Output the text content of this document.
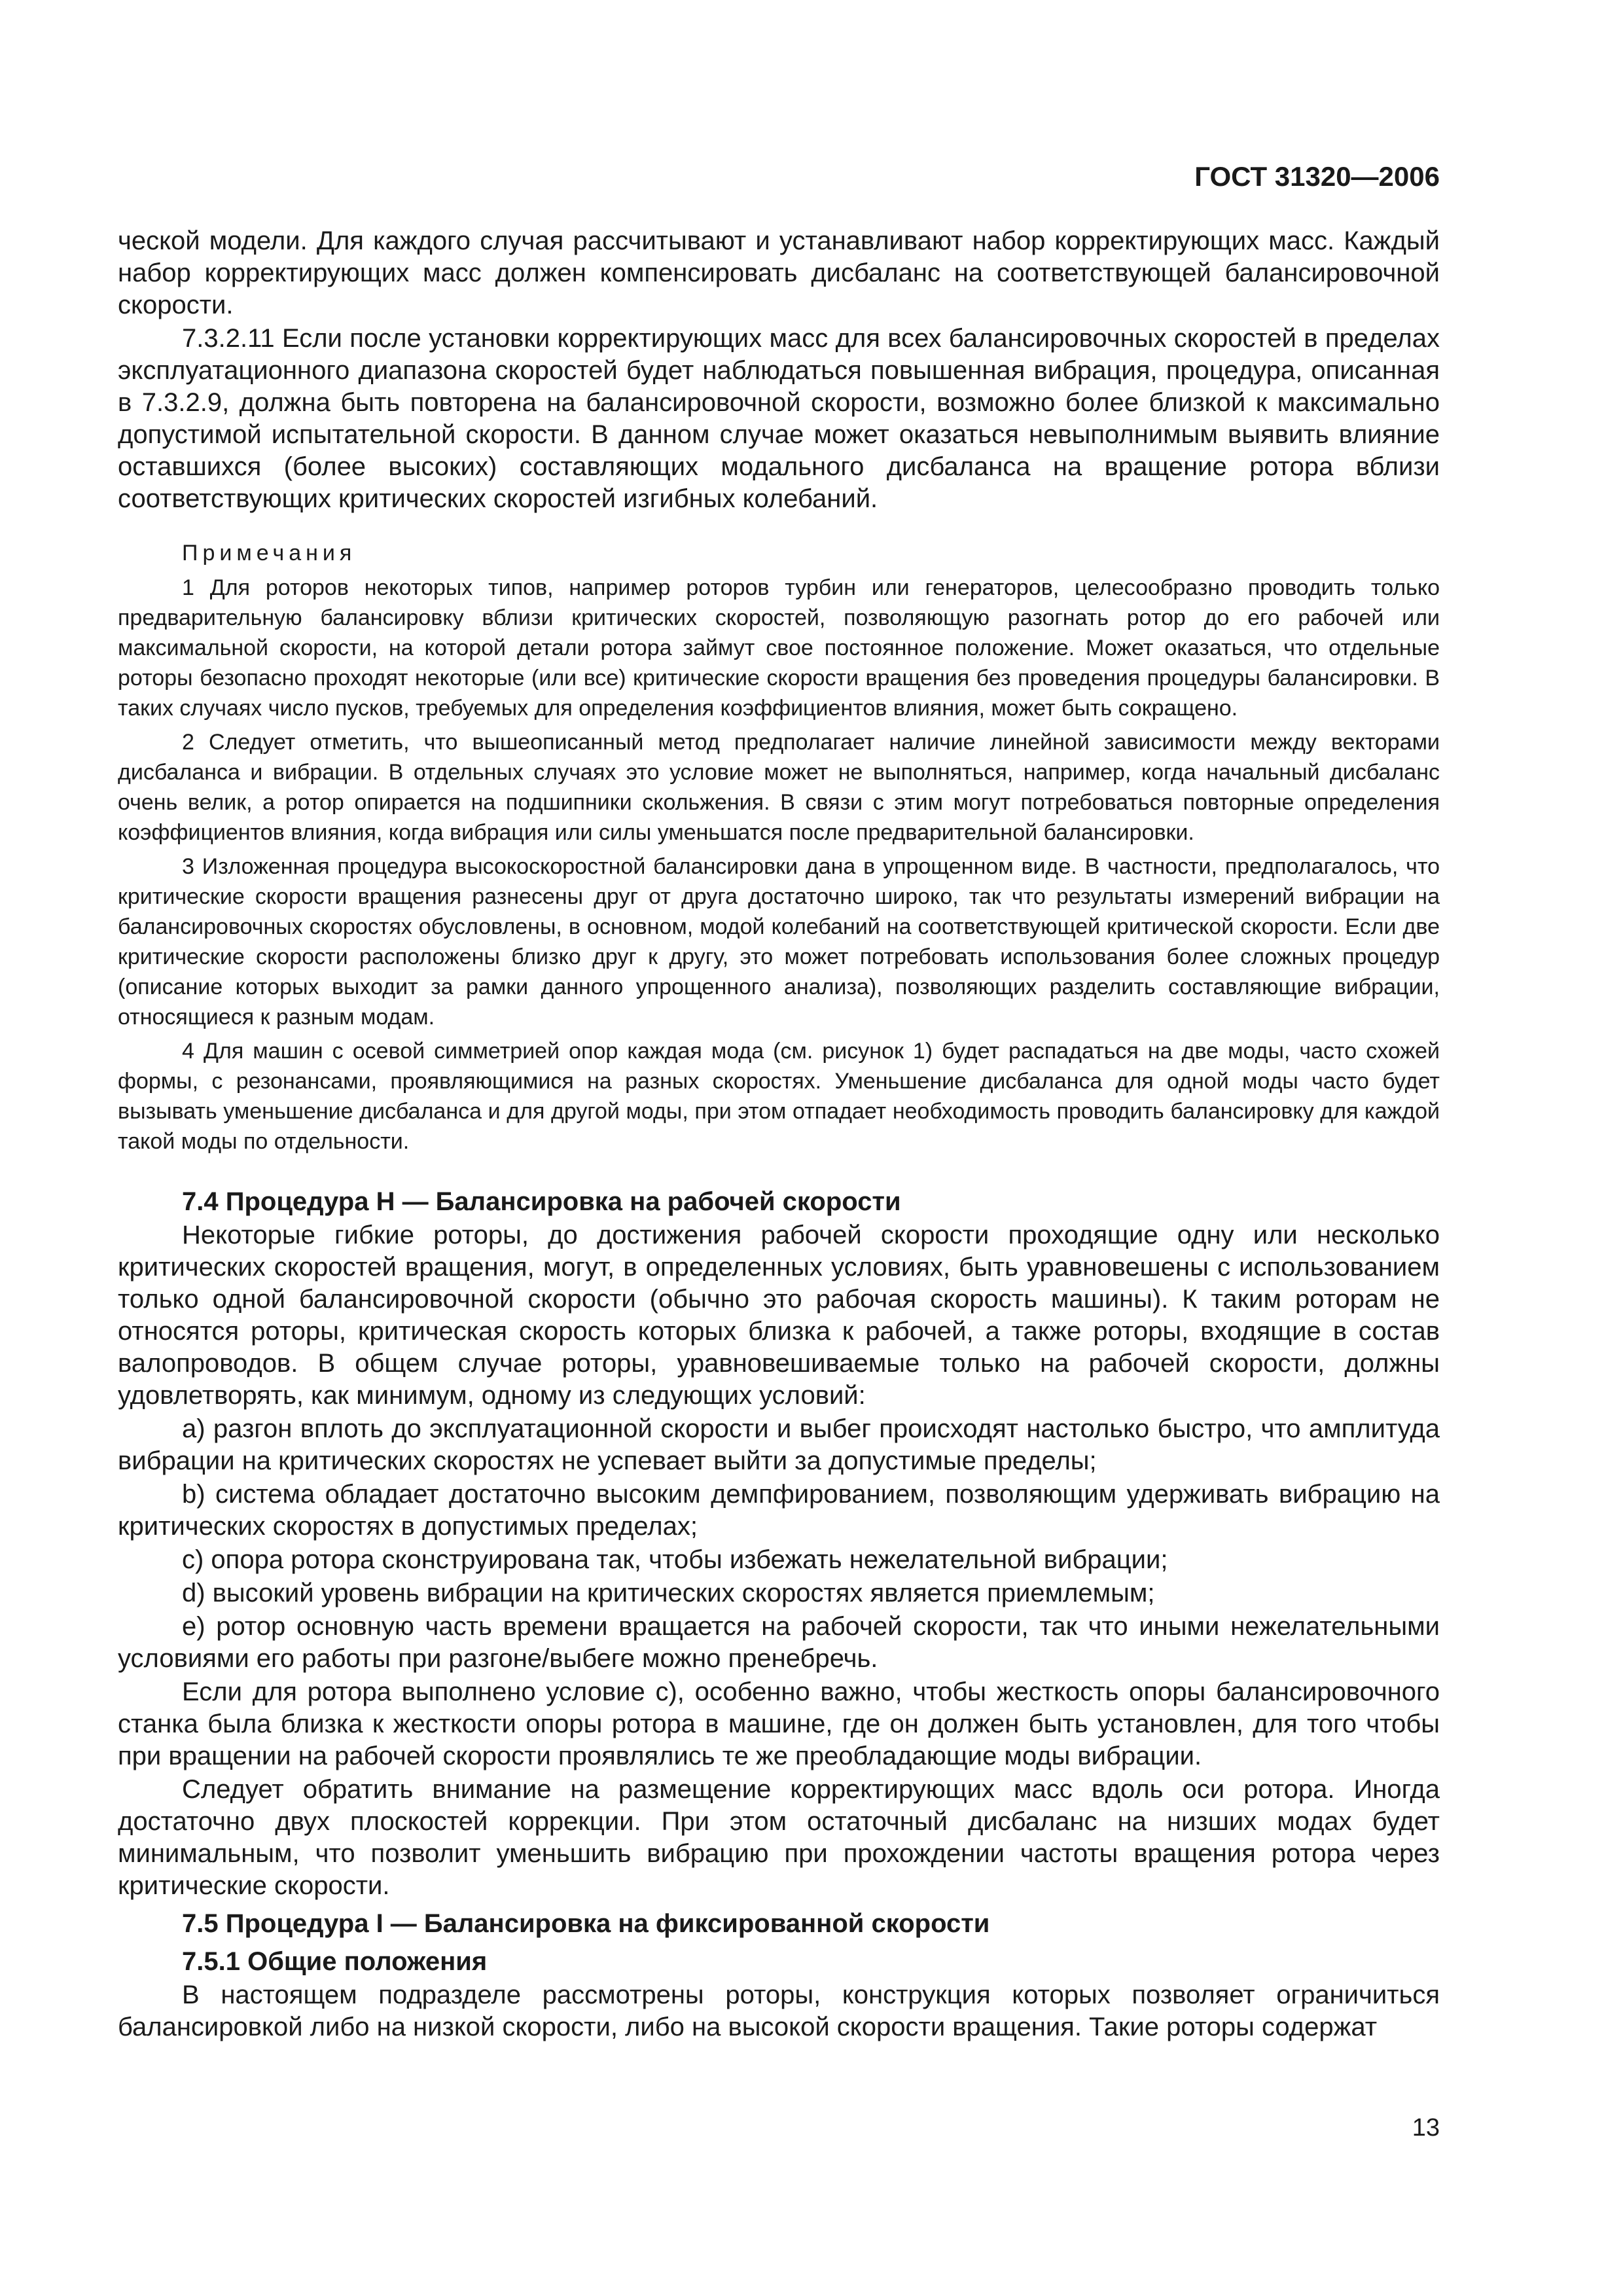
ГОСТ 31320—2006

ческой модели. Для каждого случая рассчитывают и устанавливают набор корректирующих масс. Каждый набор корректирующих масс должен компенсировать дисбаланс на соответствующей балансировочной скорости.

7.3.2.11 Если после установки корректирующих масс для всех балансировочных скоростей в пределах эксплуатационного диапазона скоростей будет наблюдаться повышенная вибрация, процедура, описанная в 7.3.2.9, должна быть повторена на балансировочной скорости, возможно более близкой к максимально допустимой испытательной скорости. В данном случае может оказаться невыполнимым выявить влияние оставшихся (более высоких) составляющих модального дисбаланса на вращение ротора вблизи соответствующих критических скоростей изгибных колебаний.

Примечания

1 Для роторов некоторых типов, например роторов турбин или генераторов, целесообразно проводить только предварительную балансировку вблизи критических скоростей, позволяющую разогнать ротор до его рабочей или максимальной скорости, на которой детали ротора займут свое постоянное положение. Может оказаться, что отдельные роторы безопасно проходят некоторые (или все) критические скорости вращения без проведения процедуры балансировки. В таких случаях число пусков, требуемых для определения коэффициентов влияния, может быть сокращено.

2 Следует отметить, что вышеописанный метод предполагает наличие линейной зависимости между векторами дисбаланса и вибрации. В отдельных случаях это условие может не выполняться, например, когда начальный дисбаланс очень велик, а ротор опирается на подшипники скольжения. В связи с этим могут потребоваться повторные определения коэффициентов влияния, когда вибрация или силы уменьшатся после предварительной балансировки.

3 Изложенная процедура высокоскоростной балансировки дана в упрощенном виде. В частности, предполагалось, что критические скорости вращения разнесены друг от друга достаточно широко, так что результаты измерений вибрации на балансировочных скоростях обусловлены, в основном, модой колебаний на соответствующей критической скорости. Если две критические скорости расположены близко друг к другу, это может потребовать использования более сложных процедур (описание которых выходит за рамки данного упрощенного анализа), позволяющих разделить составляющие вибрации, относящиеся к разным модам.

4 Для машин с осевой симметрией опор каждая мода (см. рисунок 1) будет распадаться на две моды, часто схожей формы, с резонансами, проявляющимися на разных скоростях. Уменьшение дисбаланса для одной моды часто будет вызывать уменьшение дисбаланса и для другой моды, при этом отпадает необходимость проводить балансировку для каждой такой моды по отдельности.

7.4 Процедура H — Балансировка на рабочей скорости

Некоторые гибкие роторы, до достижения рабочей скорости проходящие одну или несколько критических скоростей вращения, могут, в определенных условиях, быть уравновешены с использованием только одной балансировочной скорости (обычно это рабочая скорость машины). К таким роторам не относятся роторы, критическая скорость которых близка к рабочей, а также роторы, входящие в состав валопроводов. В общем случае роторы, уравновешиваемые только на рабочей скорости, должны удовлетворять, как минимум, одному из следующих условий:

a) разгон вплоть до эксплуатационной скорости и выбег происходят настолько быстро, что амплитуда вибрации на критических скоростях не успевает выйти за допустимые пределы;

b) система обладает достаточно высоким демпфированием, позволяющим удерживать вибрацию на критических скоростях в допустимых пределах;

c) опора ротора сконструирована так, чтобы избежать нежелательной вибрации;

d) высокий уровень вибрации на критических скоростях является приемлемым;

e) ротор основную часть времени вращается на рабочей скорости, так что иными нежелательными условиями его работы при разгоне/выбеге можно пренебречь.

Если для ротора выполнено условие c), особенно важно, чтобы жесткость опоры балансировочного станка была близка к жесткости опоры ротора в машине, где он должен быть установлен, для того чтобы при вращении на рабочей скорости проявлялись те же преобладающие моды вибрации.

Следует обратить внимание на размещение корректирующих масс вдоль оси ротора. Иногда достаточно двух плоскостей коррекции. При этом остаточный дисбаланс на низших модах будет минимальным, что позволит уменьшить вибрацию при прохождении частоты вращения ротора через критические скорости.

7.5 Процедура I — Балансировка на фиксированной скорости
7.5.1 Общие положения

В настоящем подразделе рассмотрены роторы, конструкция которых позволяет ограничиться балансировкой либо на низкой скорости, либо на высокой скорости вращения. Такие роторы содержат

13
